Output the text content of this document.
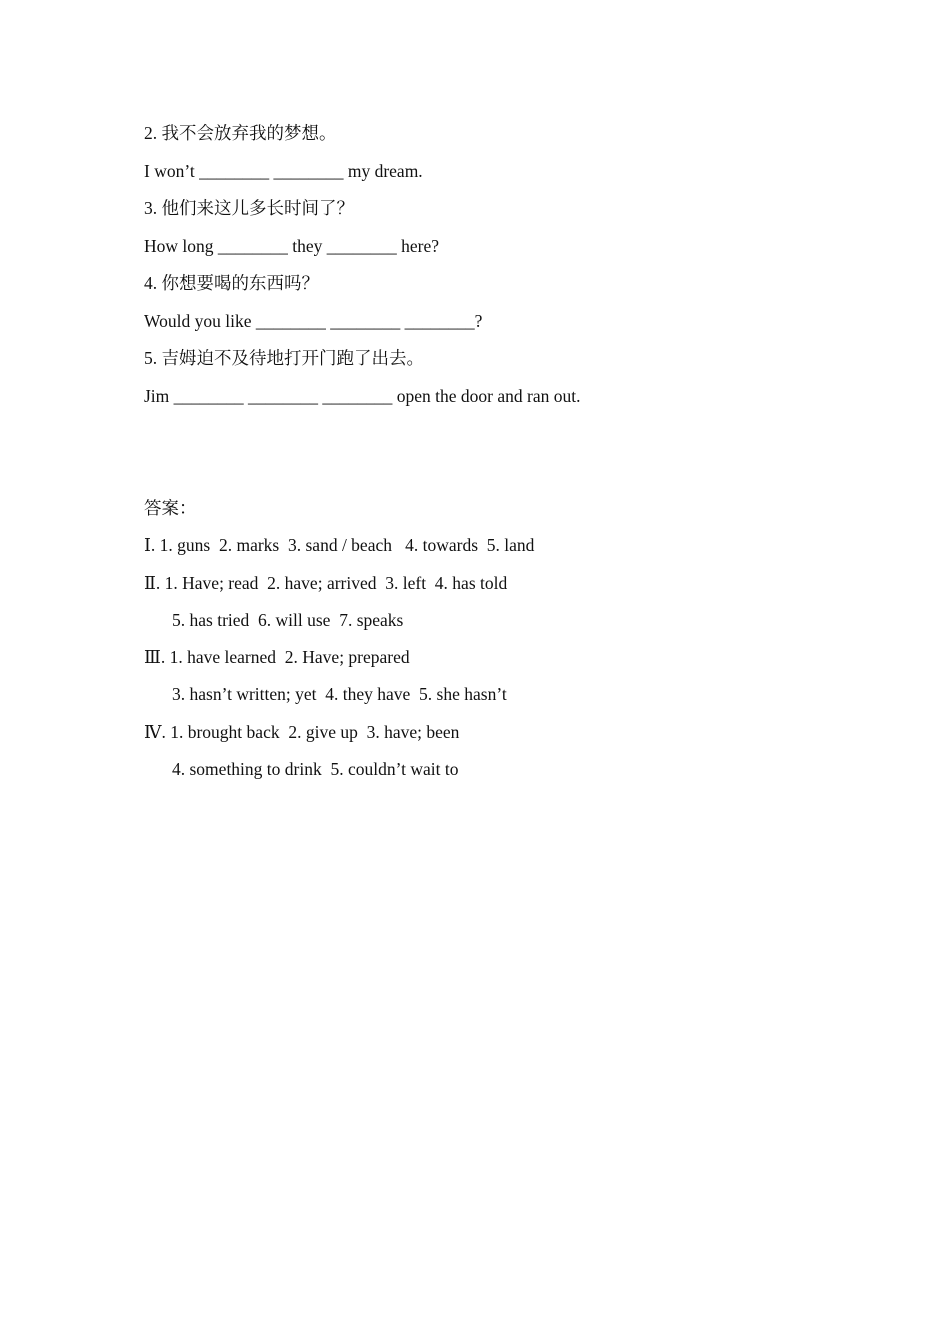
2. 我不会放弃我的梦想。
I won’t ________ ________ my dream.
3. 他们来这儿多长时间了？
How long ________ they ________ here?
4. 你想要喝的东西吗？
Would you like ________ ________ ________?
5. 吉姆迫不及待地打开门跑了出去。
Jim ________ ________ ________ open the door and ran out.
答案：
Ⅰ. 1. guns  2. marks  3. sand / beach   4. towards  5. land
Ⅱ. 1. Have; read  2. have; arrived  3. left  4. has told
5. has tried  6. will use  7. speaks
Ⅲ. 1. have learned  2. Have; prepared
3. hasn’t written; yet  4. they have  5. she hasn’t
Ⅳ. 1. brought back  2. give up  3. have; been
4. something to drink  5. couldn’t wait to
